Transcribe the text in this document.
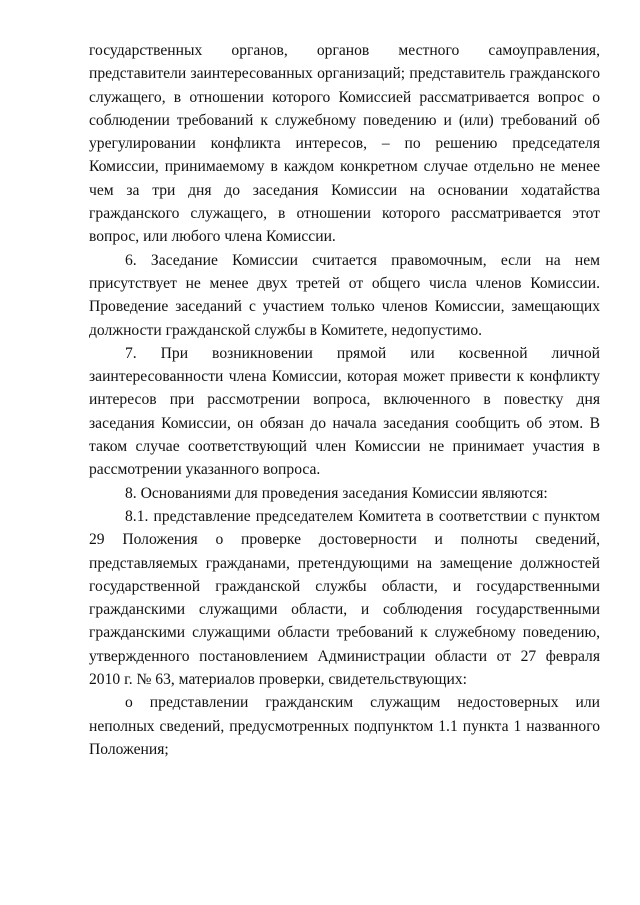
государственных органов, органов местного самоуправления, представители заинтересованных организаций; представитель гражданского служащего, в отношении которого Комиссией рассматривается вопрос о соблюдении требований к служебному поведению и (или) требований об урегулировании конфликта интересов, – по решению председателя Комиссии, принимаемому в каждом конкретном случае отдельно не менее чем за три дня до заседания Комиссии на основании ходатайства гражданского служащего, в отношении которого рассматривается этот вопрос, или любого члена Комиссии.

6. Заседание Комиссии считается правомочным, если на нем присутствует не менее двух третей от общего числа членов Комиссии. Проведение заседаний с участием только членов Комиссии, замещающих должности гражданской службы в Комитете, недопустимо.

7. При возникновении прямой или косвенной личной заинтересованности члена Комиссии, которая может привести к конфликту интересов при рассмотрении вопроса, включенного в повестку дня заседания Комиссии, он обязан до начала заседания сообщить об этом. В таком случае соответствующий член Комиссии не принимает участия в рассмотрении указанного вопроса.

8. Основаниями для проведения заседания Комиссии являются:

8.1. представление председателем Комитета в соответствии с пунктом 29 Положения о проверке достоверности и полноты сведений, представляемых гражданами, претендующими на замещение должностей государственной гражданской службы области, и государственными гражданскими служащими области, и соблюдения государственными гражданскими служащими области требований к служебному поведению, утвержденного постановлением Администрации области от 27 февраля 2010 г. № 63, материалов проверки, свидетельствующих:

о представлении гражданским служащим недостоверных или неполных сведений, предусмотренных подпунктом 1.1 пункта 1 названного Положения;
